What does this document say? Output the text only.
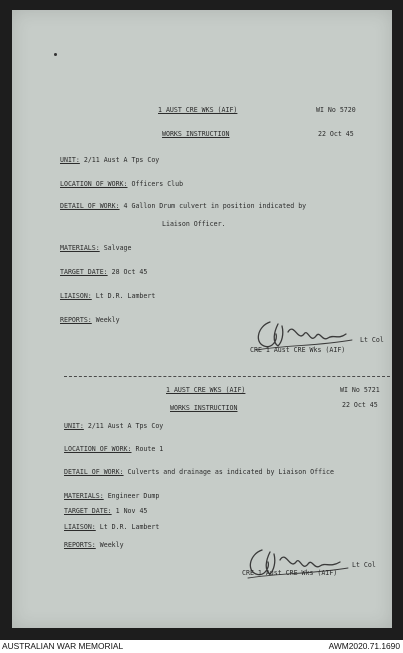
1 AUST CRE WKS (AIF)	WI No 5720
WORKS INSTRUCTION	22 Oct 45
UNIT: 2/11 Aust A Tps Coy
LOCATION OF WORK: Officers Club
DETAIL OF WORK: 4 Gallon Drum culvert in position indicated by
Liaison Officer.
MATERIALS: Salvage
TARGET DATE: 28 Oct 45
LIAISON: Lt D.R. Lambert
REPORTS: Weekly
Lt Col
CRE 1 Aust CRE Wks (AIF)
1 AUST CRE WKS (AIF)	WI No 5721
WORKS INSTRUCTION	22 Oct 45
UNIT: 2/11 Aust A Tps Coy
LOCATION OF WORK: Route 1
DETAIL OF WORK: Culverts and drainage as indicated by Liaison Office
MATERIALS: Engineer Dump
TARGET DATE: 1 Nov 45
LIAISON: Lt D.R. Lambert
REPORTS: Weekly
Lt Col
CRE 1 Aust CRE Wks (AIF)
AUSTRALIAN WAR MEMORIAL	AWM2020.71.1690
